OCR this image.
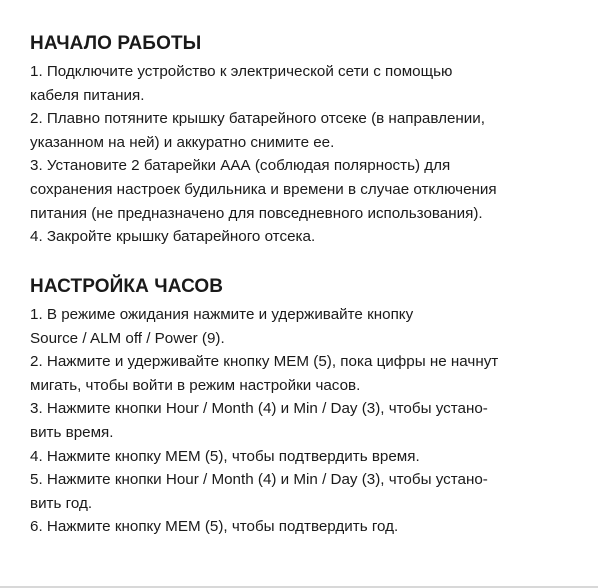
НАЧАЛО РАБОТЫ
1. Подключите устройство к электрической сети с помощью
кабеля питания.
2. Плавно потяните крышку батарейного отсеке (в направлении,
указанном на ней) и аккуратно снимите ее.
3. Установите 2 батарейки ААА (соблюдая полярность) для
сохранения настроек будильника и времени в случае отключения
питания (не предназначено для повседневного использования).
4. Закройте крышку батарейного отсека.
НАСТРОЙКА ЧАСОВ
1. В режиме ожидания нажмите и удерживайте кнопку
Source / ALM off / Power (9).
2. Нажмите и удерживайте кнопку MEM (5), пока цифры не начнут
мигать, чтобы войти в режим настройки часов.
3. Нажмите кнопки Hour / Month (4) и Min / Day (3), чтобы устано-
вить время.
4. Нажмите кнопку MEM (5), чтобы подтвердить время.
5. Нажмите кнопки Hour / Month (4) и Min / Day (3), чтобы устано-
вить год.
6. Нажмите кнопку MEM (5), чтобы подтвердить год.
